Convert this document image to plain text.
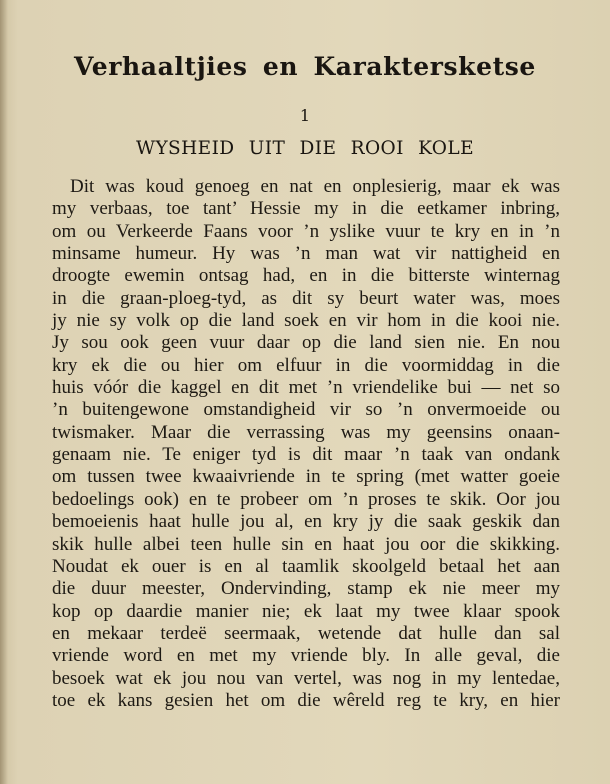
Verhaaltjies en Karaktersketse
1
WYSHEID UIT DIE ROOI KOLE
Dit was koud genoeg en nat en onplesierig, maar ek was
my verbaas, toe tant’ Hessie my in die eetkamer inbring,
om ou Verkeerde Faans voor ’n yslike vuur te kry en in ’n
minsame humeur. Hy was ’n man wat vir nattigheid en
droogte ewemin ontsag had, en in die bitterste winternag
in die graan-ploeg-tyd, as dit sy beurt water was, moes
jy nie sy volk op die land soek en vir hom in die kooi nie.
Jy sou ook geen vuur daar op die land sien nie. En nou
kry ek die ou hier om elfuur in die voormiddag in die
huis vóór die kaggel en dit met ’n vriendelike bui — net so
’n buitengewone omstandigheid vir so ’n onvermoeide ou
twismaker. Maar die verrassing was my geensins onaan-
genaam nie. Te eniger tyd is dit maar ’n taak van ondank
om tussen twee kwaaivriende in te spring (met watter goeie
bedoelings ook) en te probeer om ’n proses te skik. Oor jou
bemoeienis haat hulle jou al, en kry jy die saak geskik dan
skik hulle albei teen hulle sin en haat jou oor die skikking.
Noudat ek ouer is en al taamlik skoolgeld betaal het aan
die duur meester, Ondervinding, stamp ek nie meer my
kop op daardie manier nie; ek laat my twee klaar spook
en mekaar terdeë seermaak, wetende dat hulle dan sal
vriende word en met my vriende bly. In alle geval, die
besoek wat ek jou nou van vertel, was nog in my lentedae,
toe ek kans gesien het om die wêreld reg te kry, en hier
